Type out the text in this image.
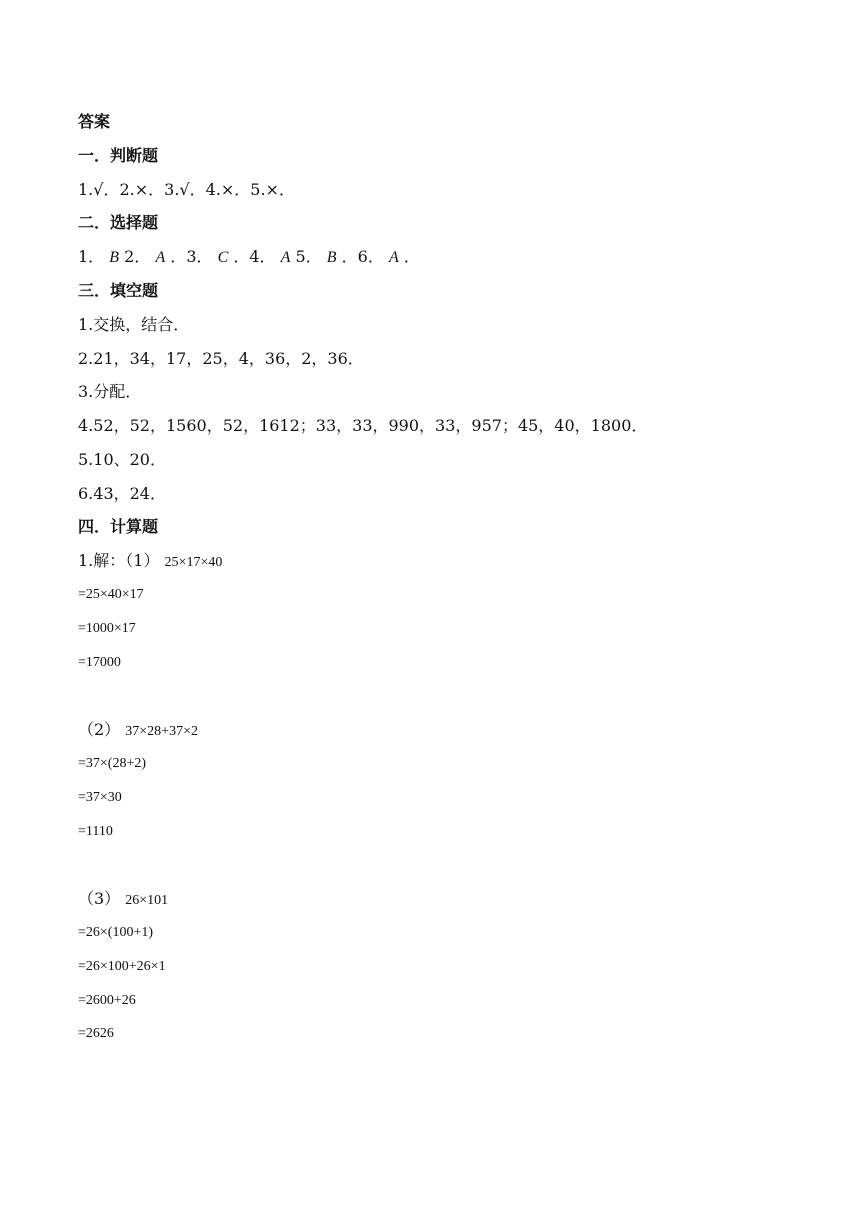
答案
一．判断题
1.√．2.×．3.√．4.×．5.×．
二．选择题
1． B 2． A ．3． C ．4． A 5． B ．6． A ．
三．填空题
1.交换，结合．
2.21，34，17，25，4，36，2，36．
3.分配．
4.52，52，1560，52，1612；33，33，990，33，957；45，40，1800．
5.10、20．
6.43，24．
四．计算题
1.解：（1） 25×17×40
=25×40×17
=1000×17
=17000
（2） 37×28+37×2
=37×(28+2)
=37×30
=1110
（3） 26×101
=26×(100+1)
=26×100+26×1
=2600+26
=2626
